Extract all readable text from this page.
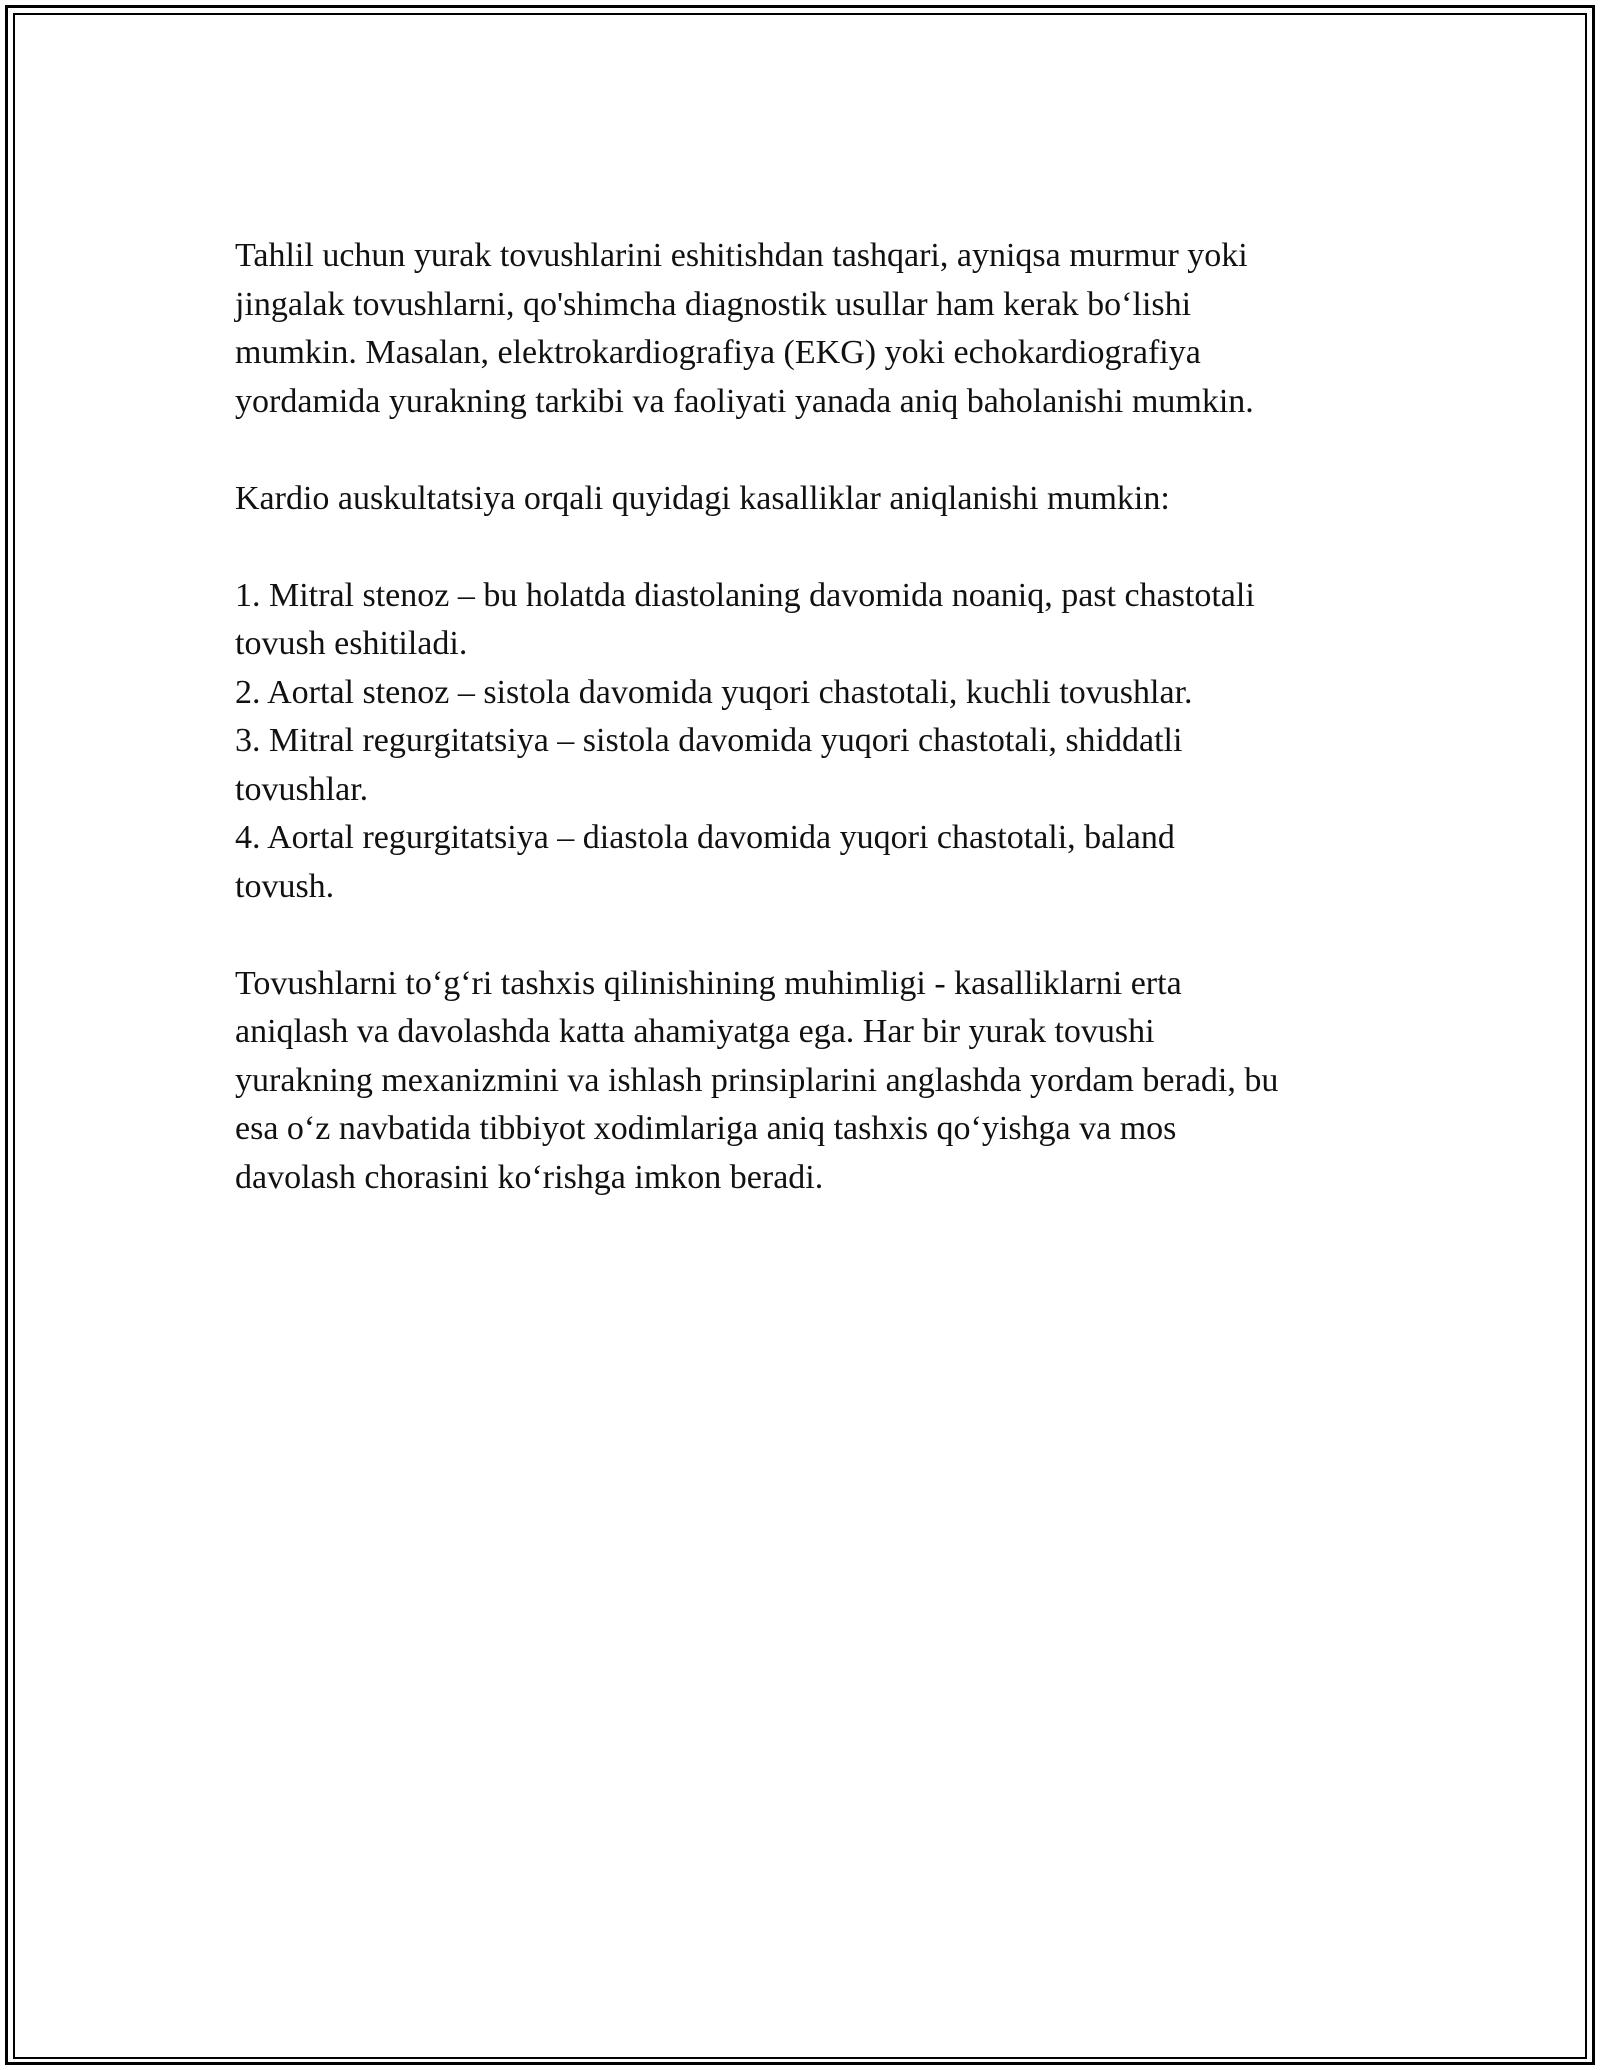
Tahlil uchun yurak tovushlarini eshitishdan tashqari, ayniqsa murmur yoki
jingalak tovushlarni, qo'shimcha diagnostik usullar ham kerak bo‘lishi
mumkin. Masalan, elektrokardiografiya (EKG) yoki echokardiografiya
yordamida yurakning tarkibi va faoliyati yanada aniq baholanishi mumkin.

Kardio auskultatsiya orqali quyidagi kasalliklar aniqlanishi mumkin:

1. Mitral stenoz – bu holatda diastolaning davomida noaniq, past chastotali
tovush eshitiladi.

2. Aortal stenoz – sistola davomida yuqori chastotali, kuchli tovushlar.

3. Mitral regurgitatsiya – sistola davomida yuqori chastotali, shiddatli
tovushlar.

4. Aortal regurgitatsiya – diastola davomida yuqori chastotali, baland
tovush.

Tovushlarni to‘g‘ri tashxis qilinishining muhimligi - kasalliklarni erta
aniqlash va davolashda katta ahamiyatga ega. Har bir yurak tovushi
yurakning mexanizmini va ishlash prinsiplarini anglashda yordam beradi, bu
esa o‘z navbatida tibbiyot xodimlariga aniq tashxis qo‘yishga va mos
davolash chorasini ko‘rishga imkon beradi.
